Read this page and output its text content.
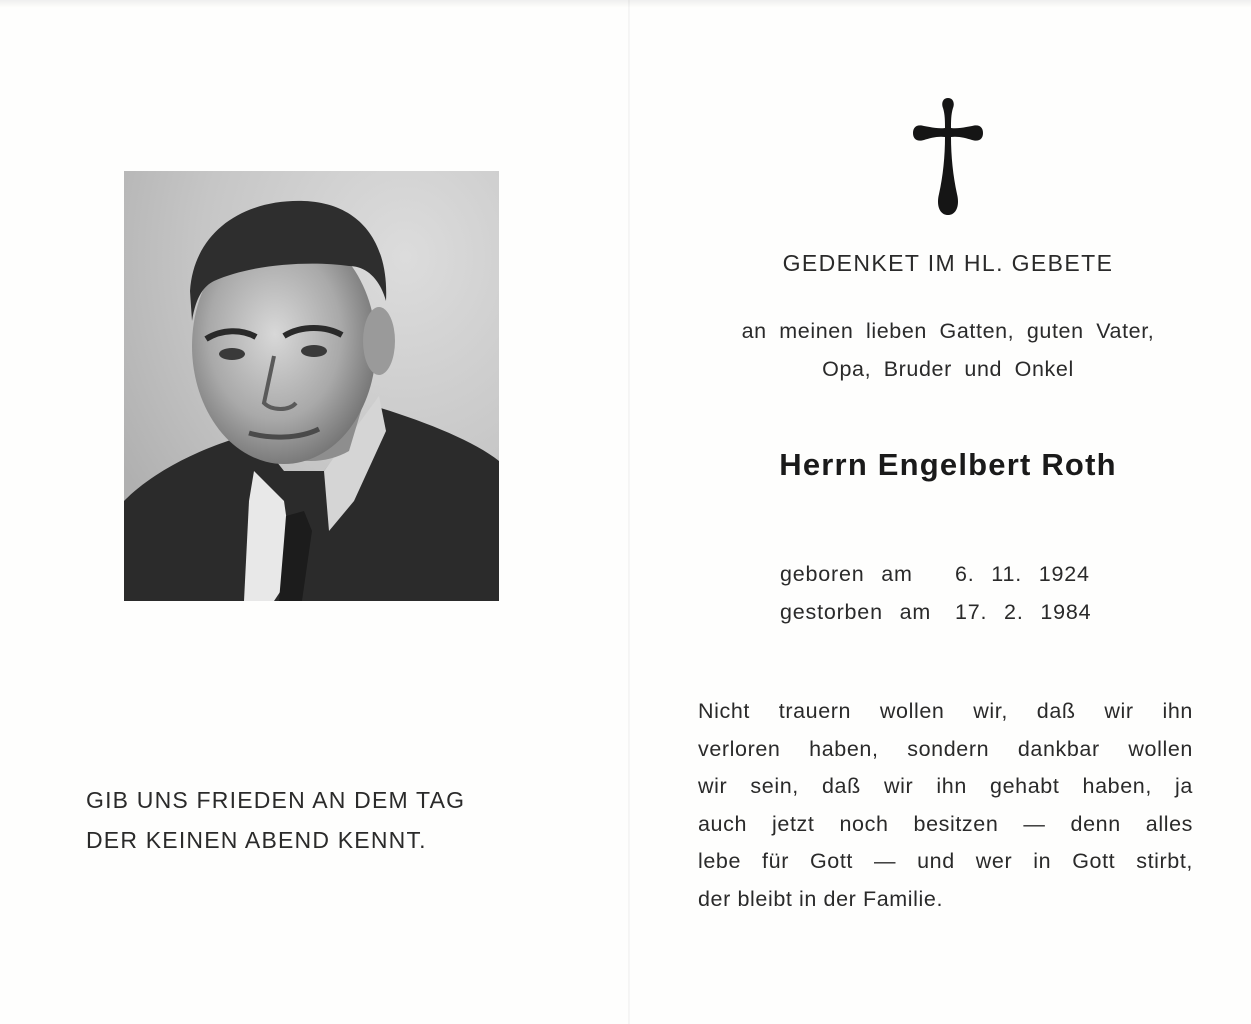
GIB UNS FRIEDEN AN DEM TAG
DER KEINEN ABEND KENNT.
GEDENKET IM HL. GEBETE
an meinen lieben Gatten, guten Vater,
Opa, Bruder und Onkel
Herrn Engelbert Roth
geboren am	6. 11. 1924
gestorben am	17. 2. 1984
Nicht trauern wollen wir, daß wir ihn
verloren haben, sondern dankbar wollen
wir sein, daß wir ihn gehabt haben, ja
auch jetzt noch besitzen — denn alles
lebe für Gott — und wer in Gott stirbt,
der bleibt in der Familie.
